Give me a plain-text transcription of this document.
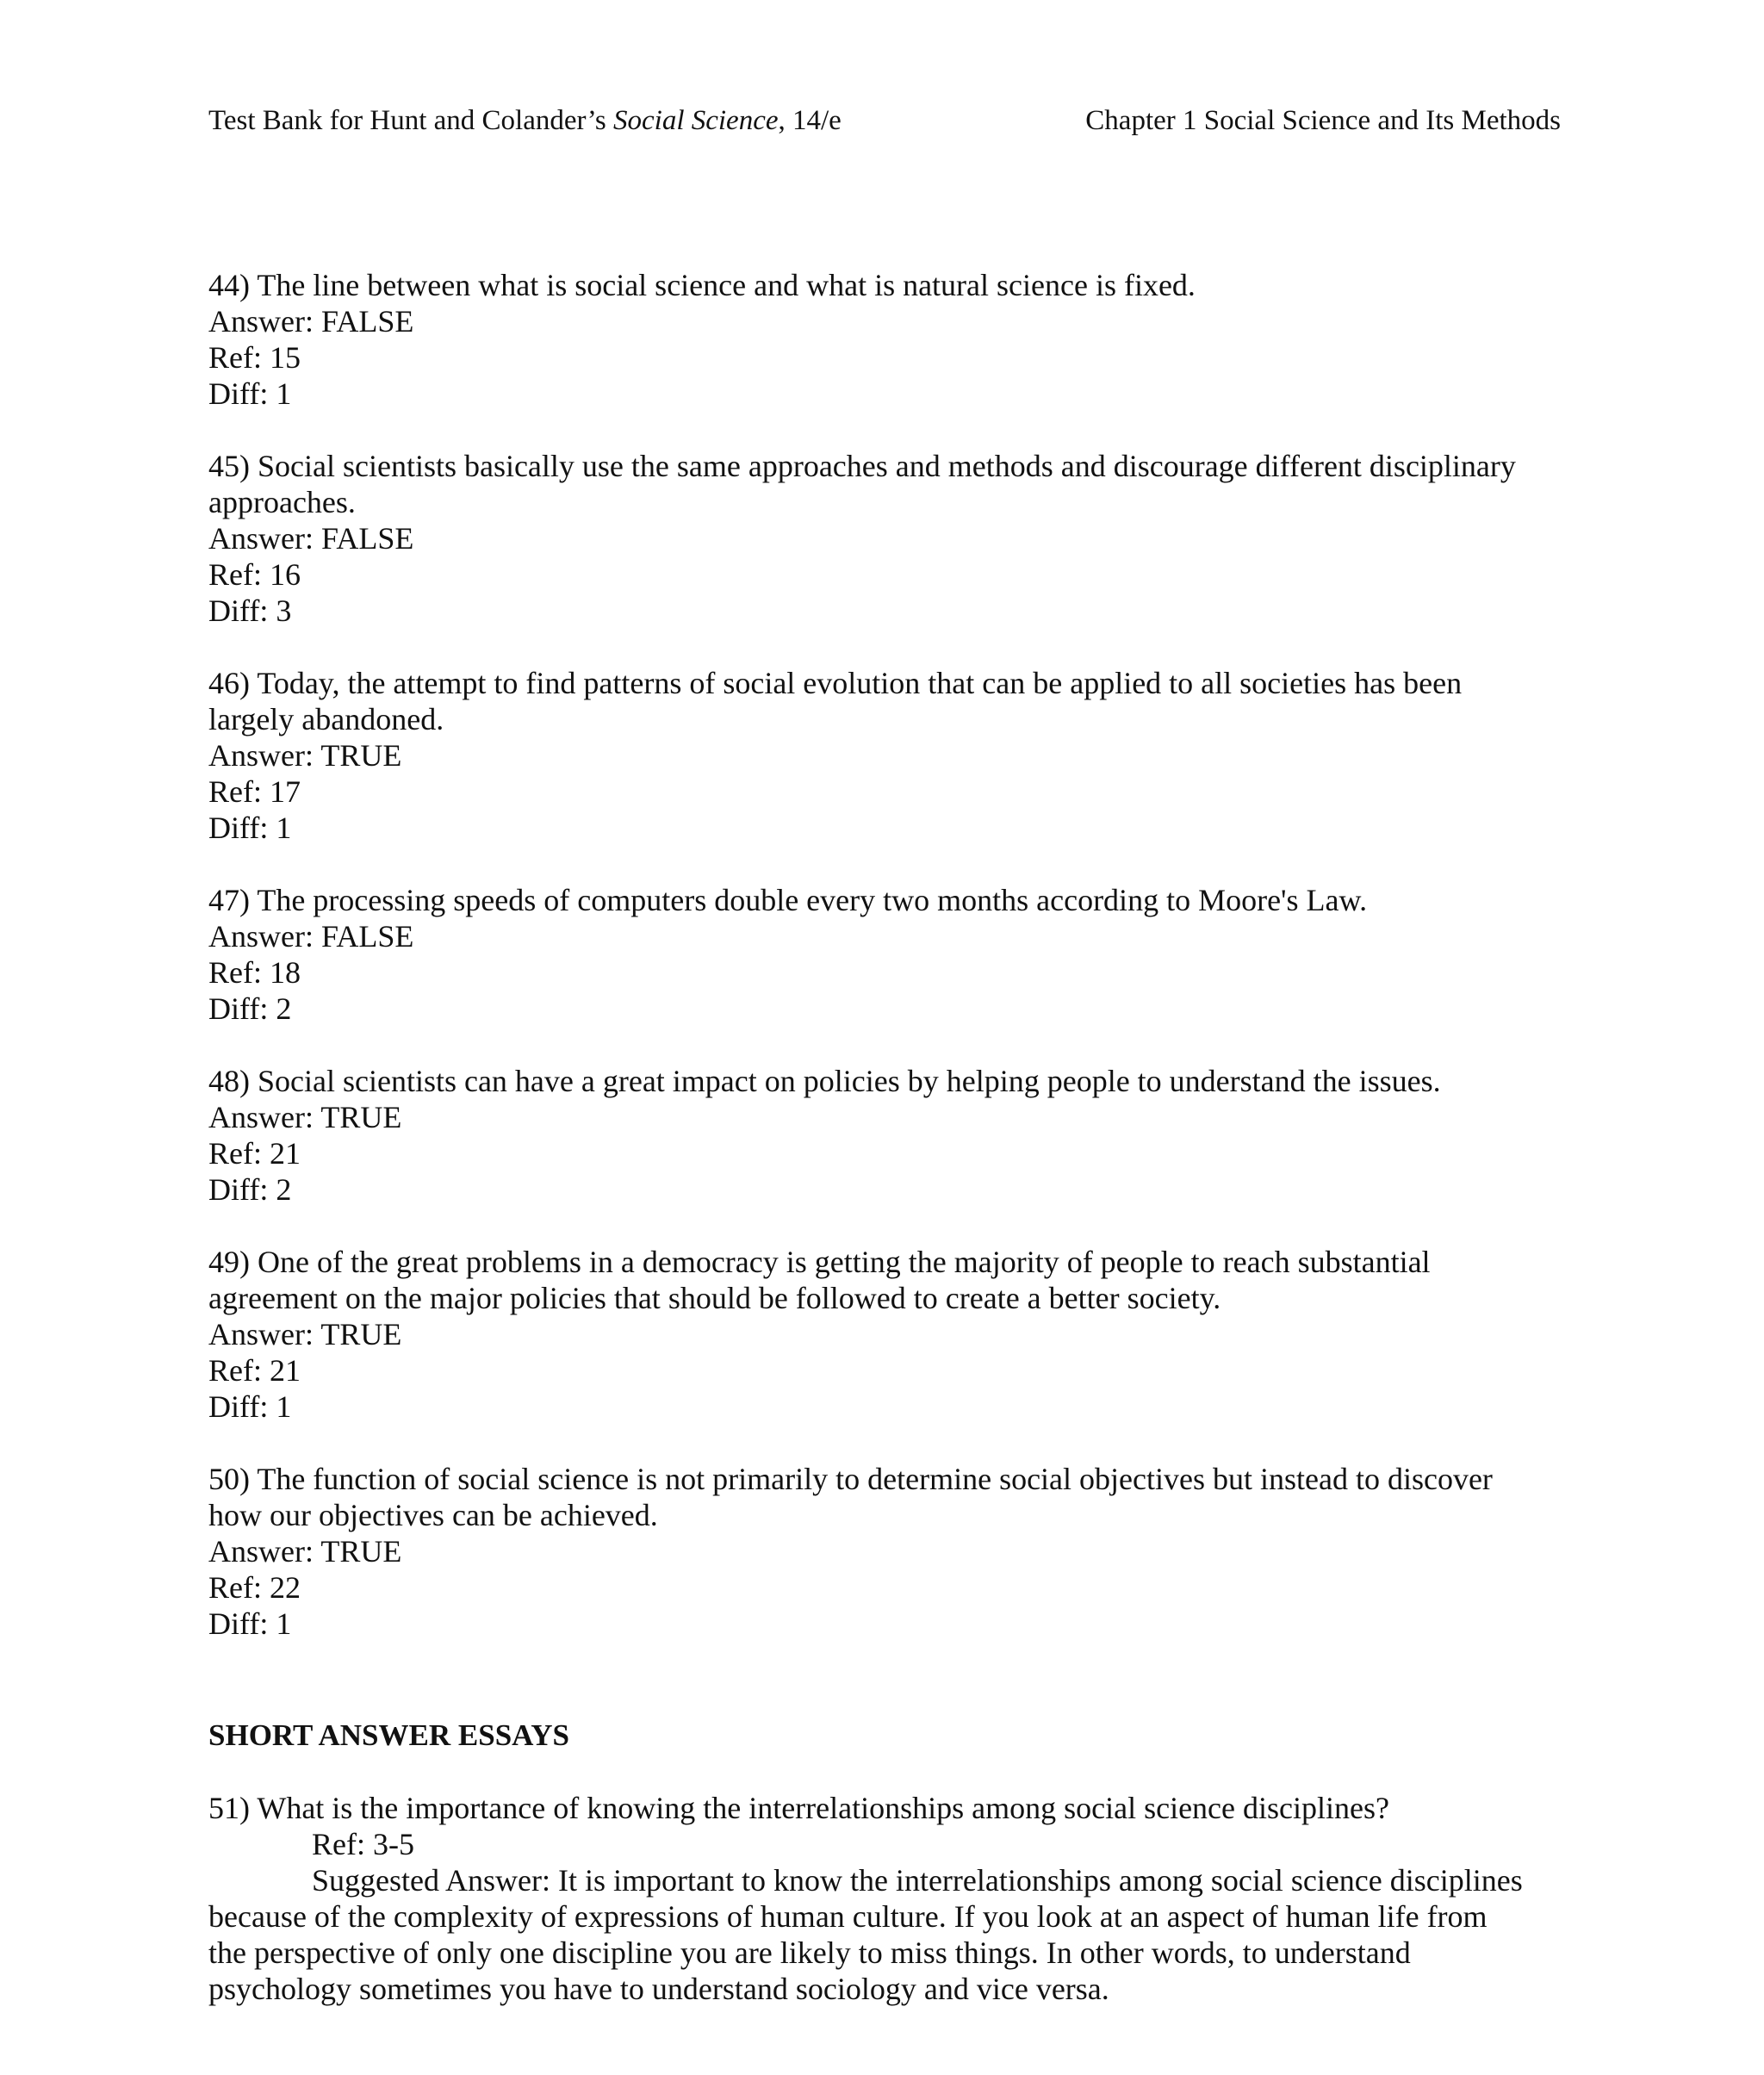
Test Bank for Hunt and Colander’s Social Science, 14/e	Chapter 1 Social Science and Its Methods
44) The line between what is social science and what is natural science is fixed.
Answer: FALSE
Ref: 15
Diff: 1
45) Social scientists basically use the same approaches and methods and discourage different disciplinary
approaches.
Answer: FALSE
Ref: 16
Diff: 3
46) Today, the attempt to find patterns of social evolution that can be applied to all societies has been
largely abandoned.
Answer: TRUE
Ref: 17
Diff: 1
47) The processing speeds of computers double every two months according to Moore's Law.
Answer: FALSE
Ref: 18
Diff: 2
48) Social scientists can have a great impact on policies by helping people to understand the issues.
Answer: TRUE
Ref: 21
Diff: 2
49) One of the great problems in a democracy is getting the majority of people to reach substantial
agreement on the major policies that should be followed to create a better society.
Answer: TRUE
Ref: 21
Diff: 1
50) The function of social science is not primarily to determine social objectives but instead to discover
how our objectives can be achieved.
Answer: TRUE
Ref: 22
Diff: 1
SHORT ANSWER ESSAYS
51) What is the importance of knowing the interrelationships among social science disciplines?
Ref: 3-5
Suggested Answer: It is important to know the interrelationships among social science disciplines
because of the complexity of expressions of human culture. If you look at an aspect of human life from
the perspective of only one discipline you are likely to miss things. In other words, to understand
psychology sometimes you have to understand sociology and vice versa.
